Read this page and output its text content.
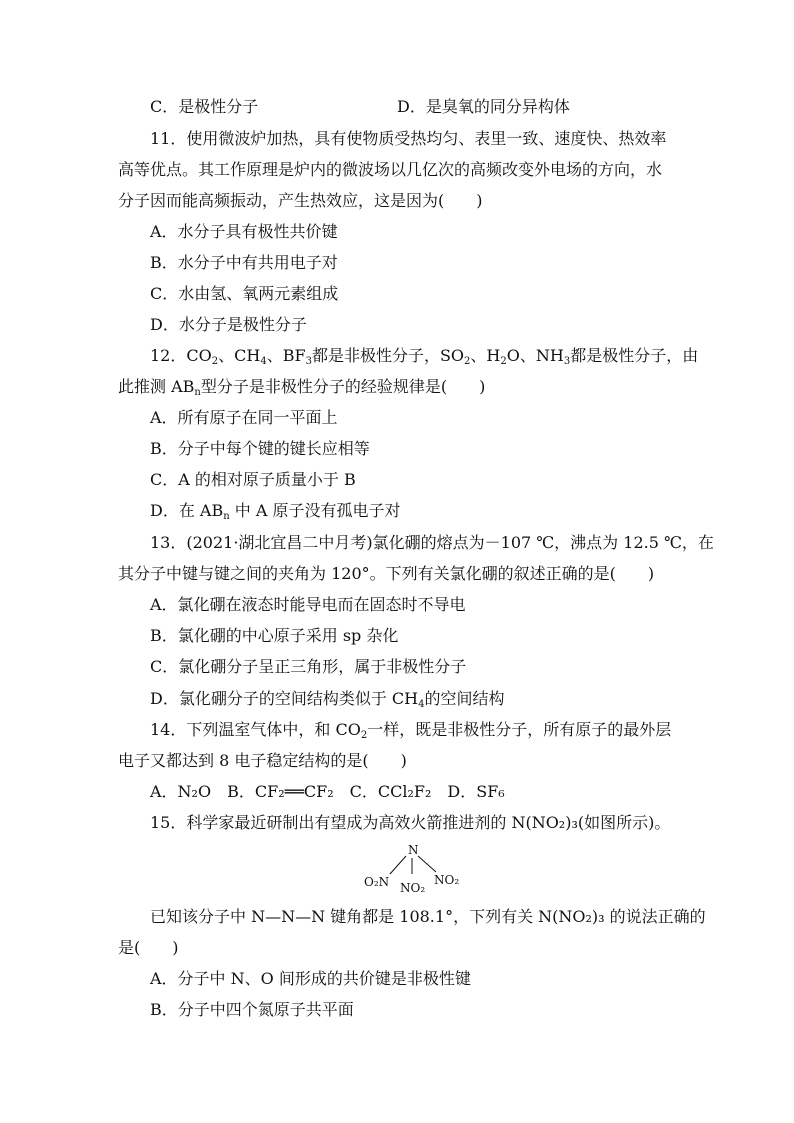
C．是极性分子	D．是臭氧的同分异构体
11．使用微波炉加热，具有使物质受热均匀、表里一致、速度快、热效率
高等优点。其工作原理是炉内的微波场以几亿次的高频改变外电场的方向，水
分子因而能高频振动，产生热效应，这是因为(　　)
A．水分子具有极性共价键
B．水分子中有共用电子对
C．水由氢、氧两元素组成
D．水分子是极性分子
12．$CO_2$、$CH_4$、$BF_3$都是非极性分子，$SO_2$、$H_2O$、$NH_3$都是极性分子，由
此推测 $AB_n$型分子是非极性分子的经验规律是(　　)
A．所有原子在同一平面上
B．分子中每个键的键长应相等
C．A 的相对原子质量小于 B
D．在 $AB_n$ 中 A 原子没有孤电子对
13．(2021·湖北宜昌二中月考)氯化硼的熔点为－107 ℃，沸点为 12.5 ℃，在
其分子中键与键之间的夹角为 120°。下列有关氯化硼的叙述正确的是(　　)
A．氯化硼在液态时能导电而在固态时不导电
B．氯化硼的中心原子采用 sp 杂化
C．氯化硼分子呈正三角形，属于非极性分子
D．氯化硼分子的空间结构类似于 $CH_4$的空间结构
14．下列温室气体中，和 $CO_2$一样，既是非极性分子，所有原子的最外层
电子又都达到 8 电子稳定结构的是(　　)
A．N₂O　B．CF₂══CF₂　C．CCl₂F₂　D．SF₆
15．科学家最近研制出有望成为高效火箭推进剂的 N(NO₂)₃(如图所示)。
N
O₂N NO₂
NO₂
已知该分子中 N—N—N 键角都是 108.1°，下列有关 N(NO₂)₃ 的说法正确的
是(　　)
A．分子中 N、O 间形成的共价键是非极性键
B．分子中四个氮原子共平面
